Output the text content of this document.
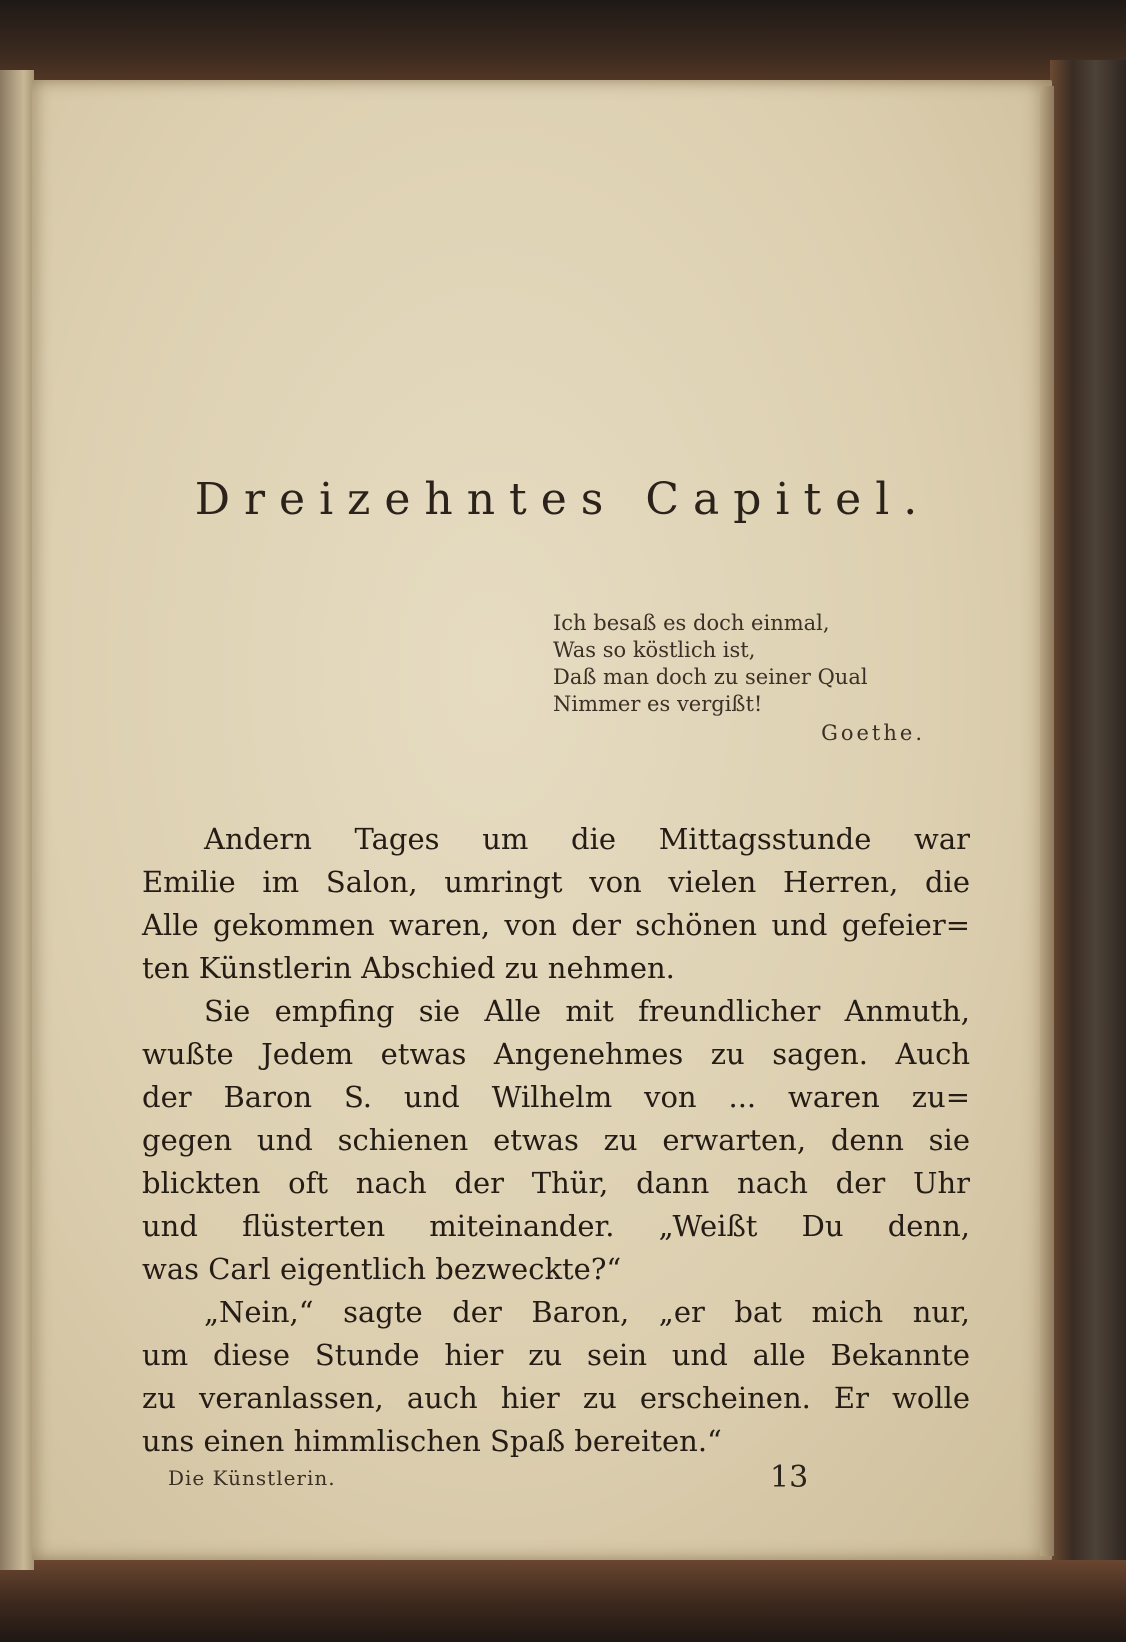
Dreizehntes Capitel.
Ich besaß es doch einmal,
Was so köstlich ist,
Daß man doch zu seiner Qual
Nimmer es vergißt!
Goethe.
Andern Tages um die Mittagsstunde war
Emilie im Salon, umringt von vielen Herren, die
Alle gekommen waren, von der schönen und gefeier=
ten Künstlerin Abschied zu nehmen.
Sie empfing sie Alle mit freundlicher Anmuth,
wußte Jedem etwas Angenehmes zu sagen. Auch
der Baron S. und Wilhelm von ... waren zu=
gegen und schienen etwas zu erwarten, denn sie
blickten oft nach der Thür, dann nach der Uhr
und flüsterten miteinander. „Weißt Du denn,
was Carl eigentlich bezweckte?“
„Nein,“ sagte der Baron, „er bat mich nur,
um diese Stunde hier zu sein und alle Bekannte
zu veranlassen, auch hier zu erscheinen. Er wolle
uns einen himmlischen Spaß bereiten.“
Die Künstlerin.	13
